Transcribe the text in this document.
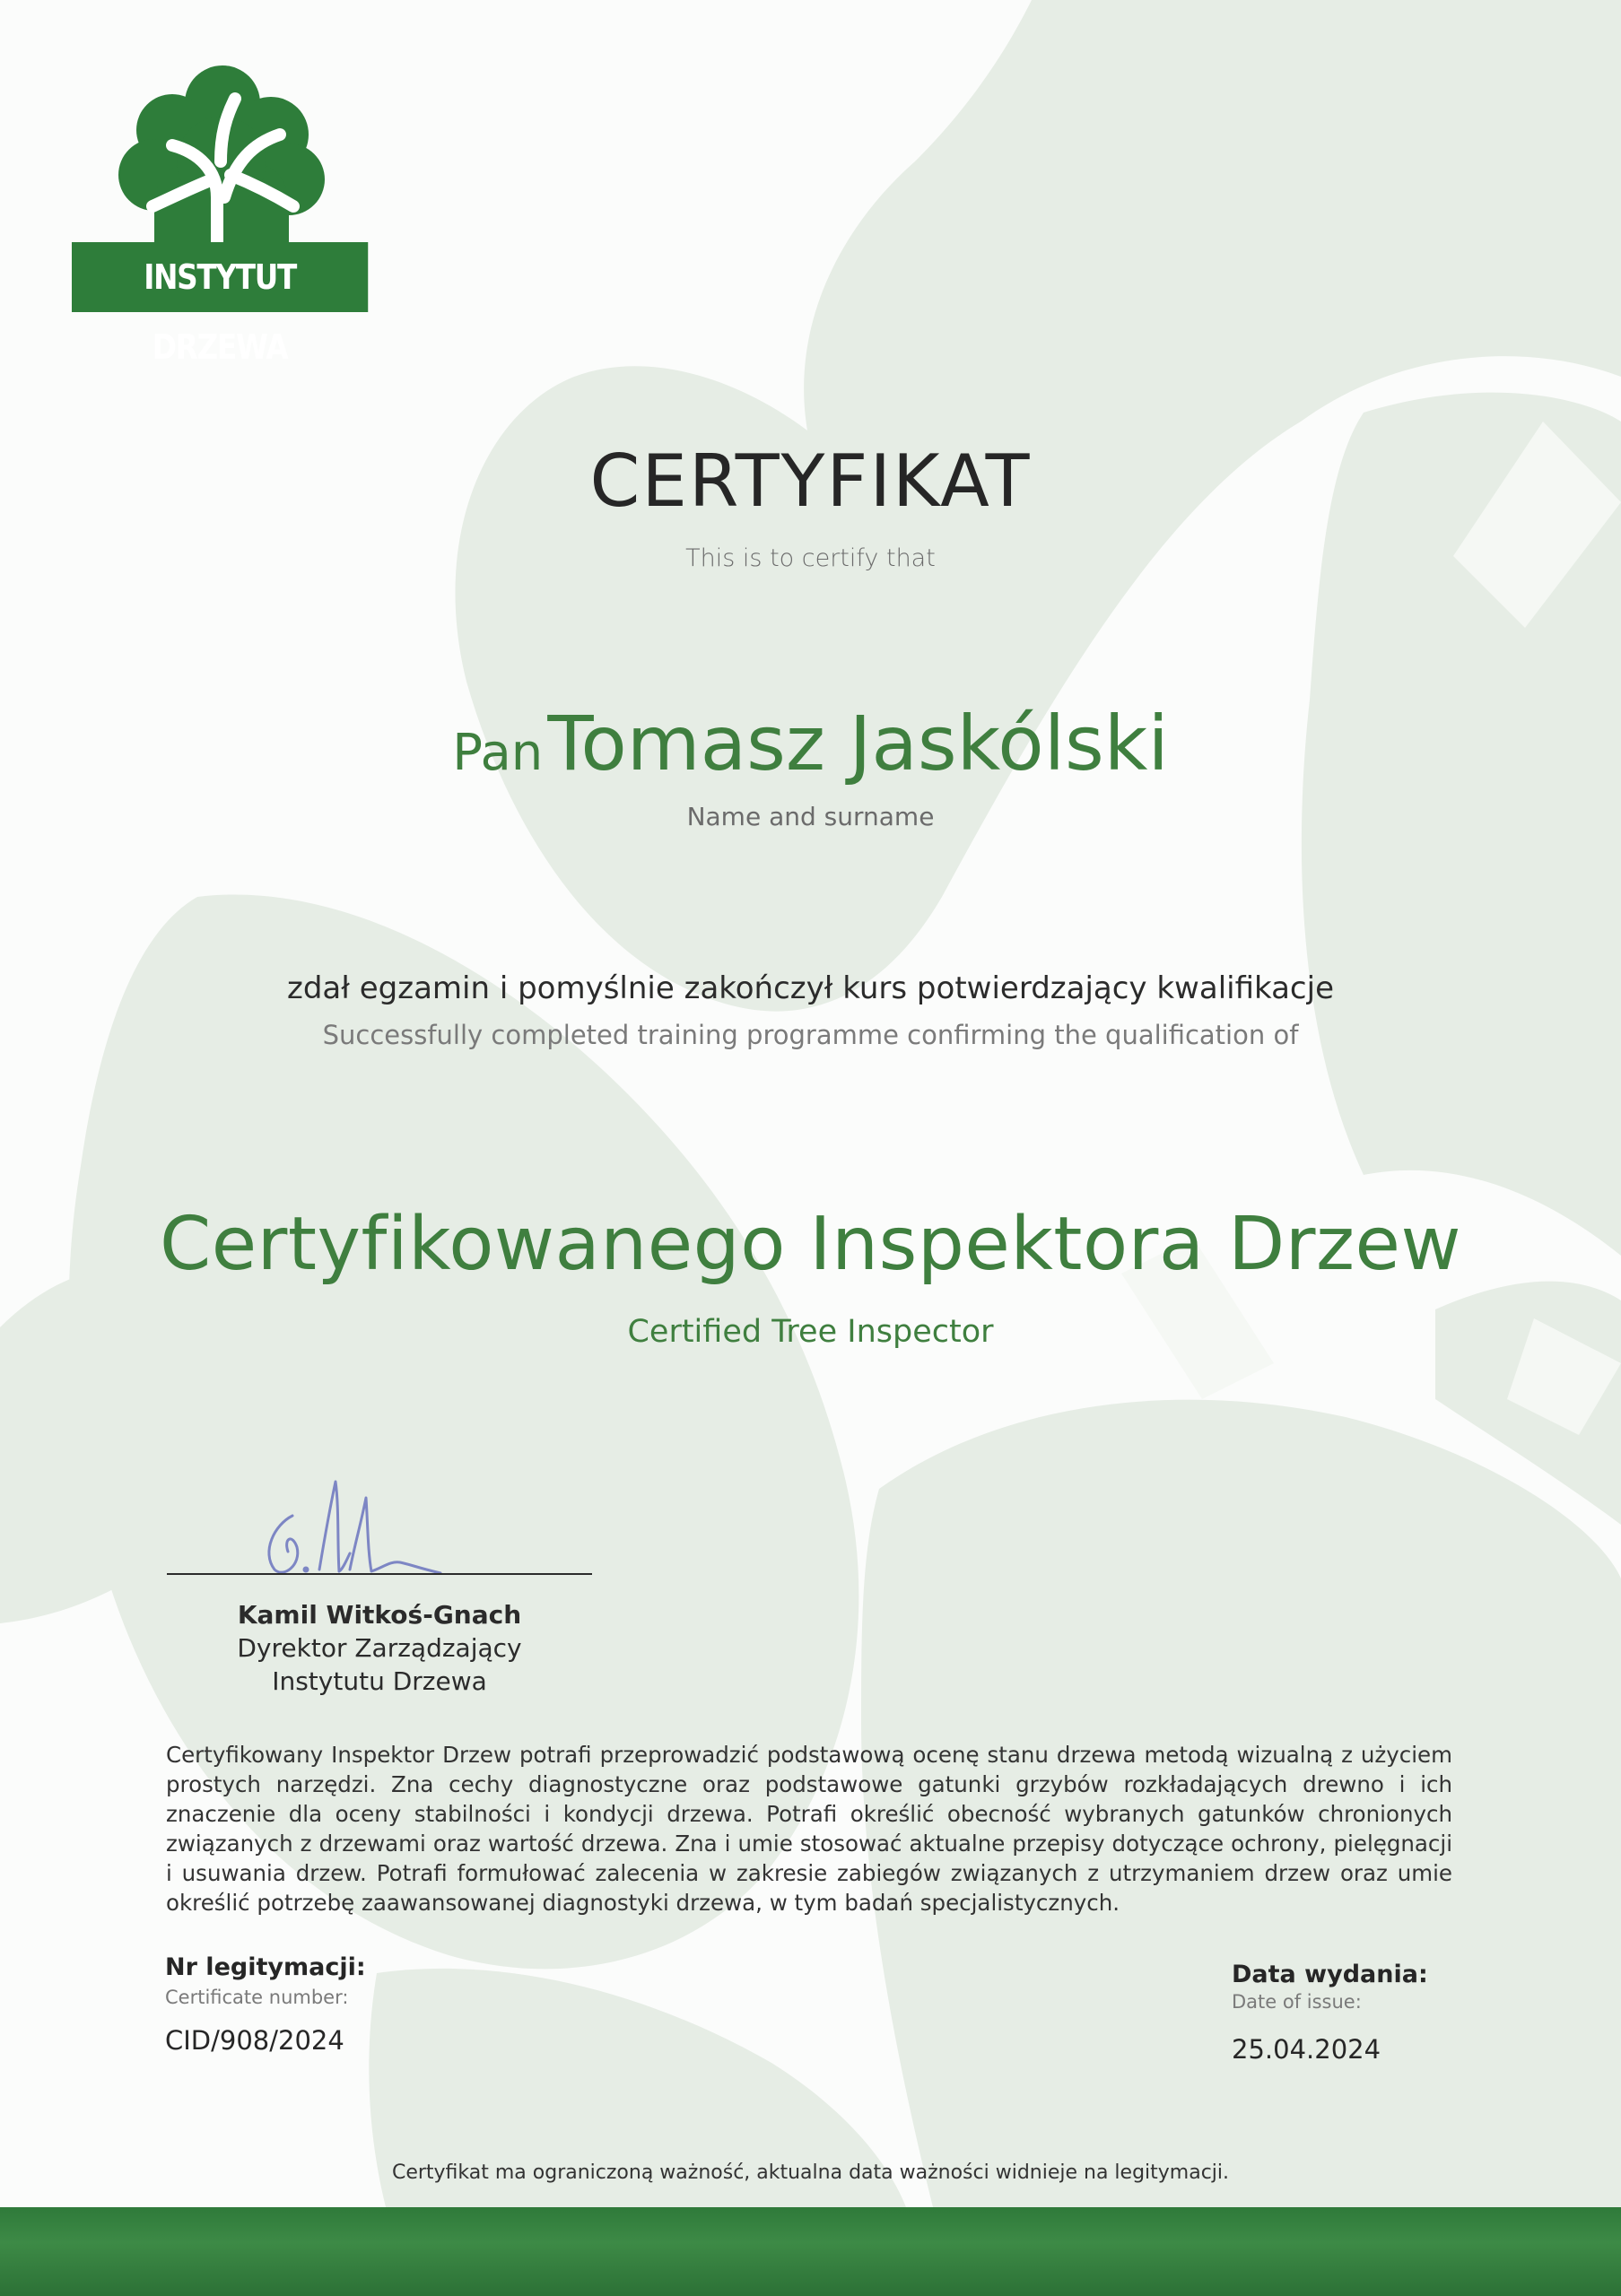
INSTYTUT DRZEWA
CERTYFIKAT
This is to certify that
Pan Tomasz Jaskólski
Name and surname
zdał egzamin i pomyślnie zakończył kurs potwierdzający kwalifikacje
Successfully completed training programme confirming the qualification of
Certyfikowanego Inspektora Drzew
Certified Tree Inspector
Kamil Witkoś-Gnach
Dyrektor Zarządzający
Instytutu Drzewa
Certyfikowany Inspektor Drzew potrafi przeprowadzić podstawową ocenę stanu drzewa metodą wizualną z użyciem prostych narzędzi. Zna cechy diagnostyczne oraz podstawowe gatunki grzybów rozkładających drewno i ich znaczenie dla oceny stabilności i kondycji drzewa. Potrafi określić obecność wybranych gatunków chronionych związanych z drzewami oraz wartość drzewa. Zna i umie stosować aktualne przepisy dotyczące ochrony, pielęgnacji i usuwania drzew. Potrafi formułować zalecenia w zakresie zabiegów związanych z utrzymaniem drzew oraz umie określić potrzebę zaawansowanej diagnostyki drzewa, w tym badań specjalistycznych.
Nr legitymacji:
Certificate number:
CID/908/2024
Data wydania:
Date of issue:
25.04.2024
Certyfikat ma ograniczoną ważność, aktualna data ważności widnieje na legitymacji.
